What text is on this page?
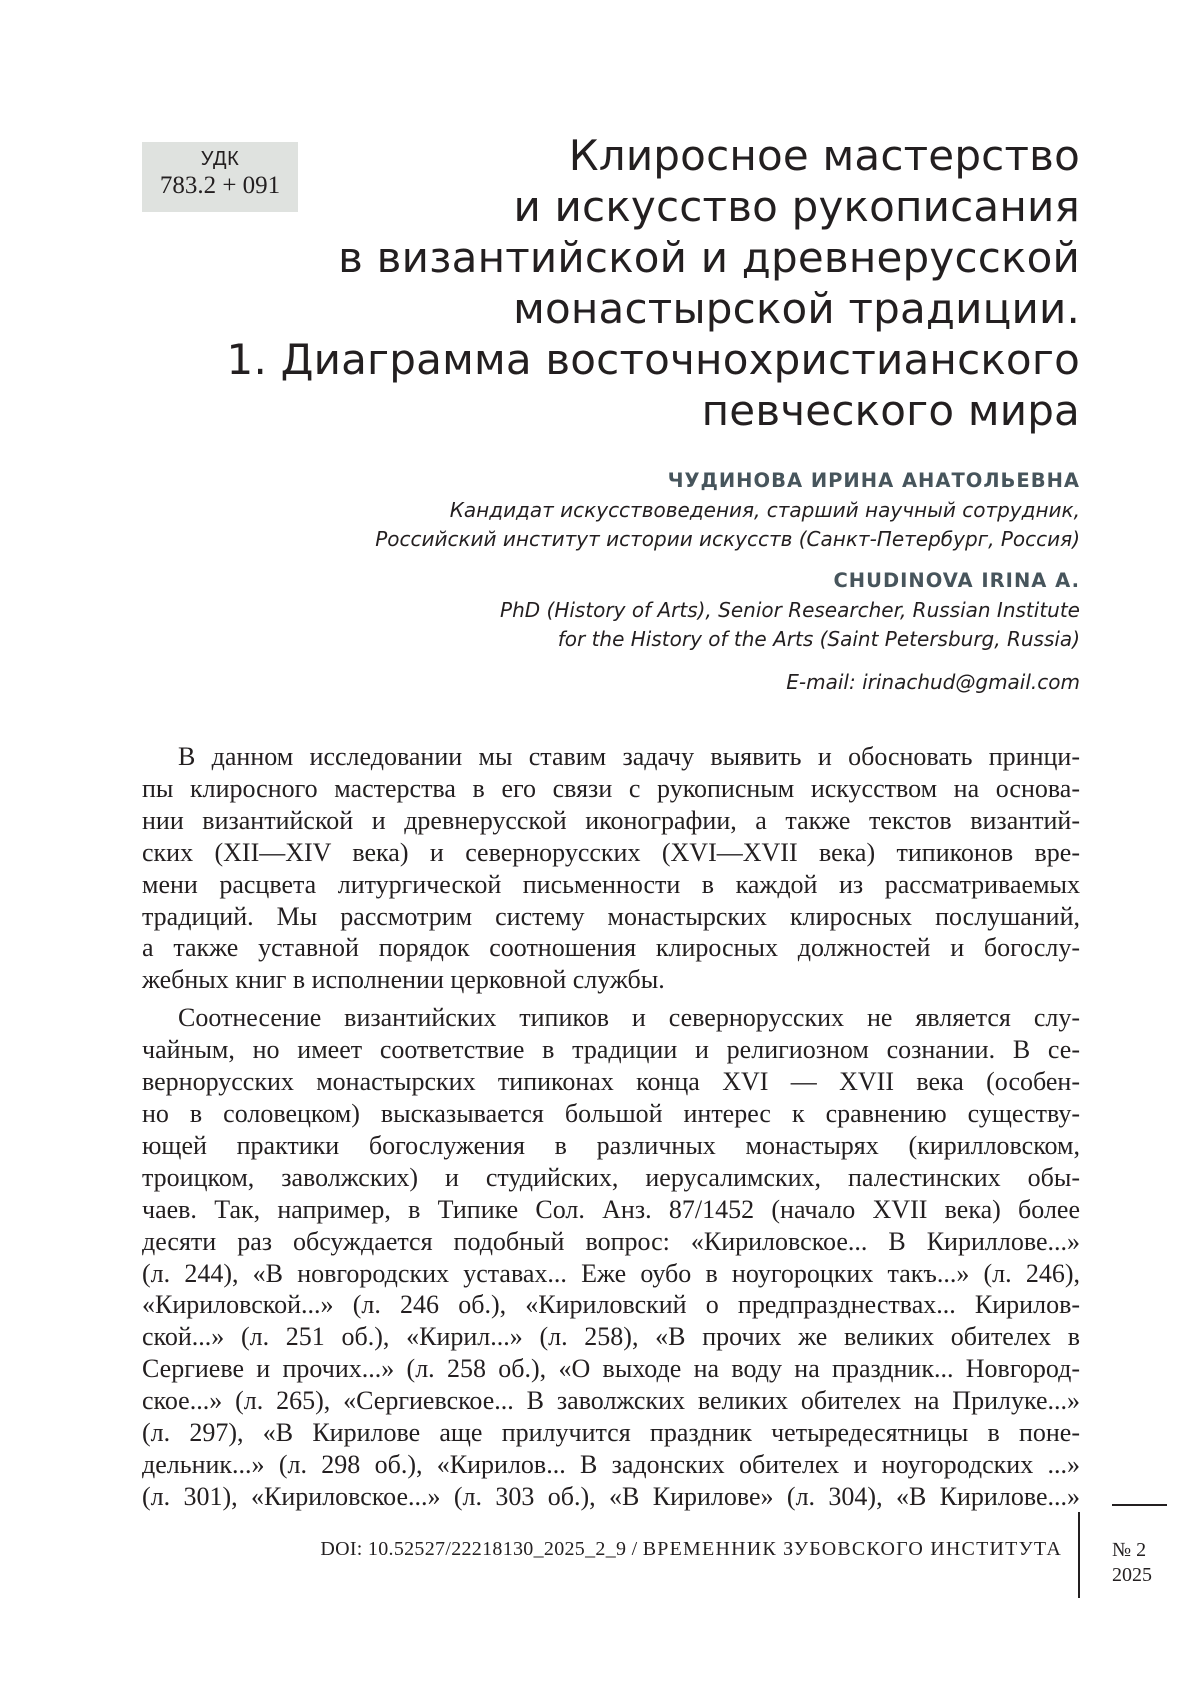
УДК
783.2 + 091
Клиросное мастерство
и искусство рукописания
в византийской и древнерусской
монастырской традиции.
1. Диаграмма восточнохристианского
певческого мира
ЧУДИНОВА ИРИНА АНАТОЛЬЕВНА
Кандидат искусствоведения, старший научный сотрудник,
Российский институт истории искусств (Санкт-Петербург, Россия)
CHUDINOVA IRINA A.
PhD (History of Arts), Senior Researcher, Russian Institute
for the History of the Arts (Saint Petersburg, Russia)
E-mail: irinachud@gmail.com

В данном исследовании мы ставим задачу выявить и обосновать принци-
пы клиросного мастерства в его связи с рукописным искусством на основа-
нии византийской и древнерусской иконографии, а также текстов византий-
ских (XII—XIV века) и севернорусских (XVI—XVII века) типиконов вре-
мени расцвета литургической письменности в каждой из рассматриваемых
традиций. Мы рассмотрим систему монастырских клиросных послушаний,
а также уставной порядок соотношения клиросных должностей и богослу-
жебных книг в исполнении церковной службы.

Соотнесение византийских типиков и севернорусских не является слу-
чайным, но имеет соответствие в традиции и религиозном сознании. В се-
вернорусских монастырских типиконах конца XVI — XVII века (особен-
но в соловецком) высказывается большой интерес к сравнению существу-
ющей практики богослужения в различных монастырях (кирилловском,
троицком, заволжских) и студийских, иерусалимских, палестинских обы-
чаев. Так, например, в Типике Сол. Анз. 87/1452 (начало XVII века) более
десяти раз обсуждается подобный вопрос: «Кириловское... В Кириллове...»
(л. 244), «В новгородских уставах... Еже оубо в ноугороцких такъ...» (л. 246),
«Кириловской...» (л. 246 об.), «Кириловский о предпразднествах... Кирилов-
ской...» (л. 251 об.), «Кирил...» (л. 258), «В прочих же великих обителех в
Сергиеве и прочих...» (л. 258 об.), «О выходе на воду на праздник... Новгород-
ское...» (л. 265), «Сергиевское... В заволжских великих обителех на Прилуке...»
(л. 297), «В Кирилове аще прилучится праздник четыредесятницы в поне-
дельник...» (л. 298 об.), «Кирилов... В задонских обителех и ноугородских ...»
(л. 301), «Кириловское...» (л. 303 об.), «В Кирилове» (л. 304), «В Кирилове...»

DOI: 10.52527/22218130_2025_2_9 / ВРЕМЕННИК ЗУБОВСКОГО ИНСТИТУТА	№ 2
2025
